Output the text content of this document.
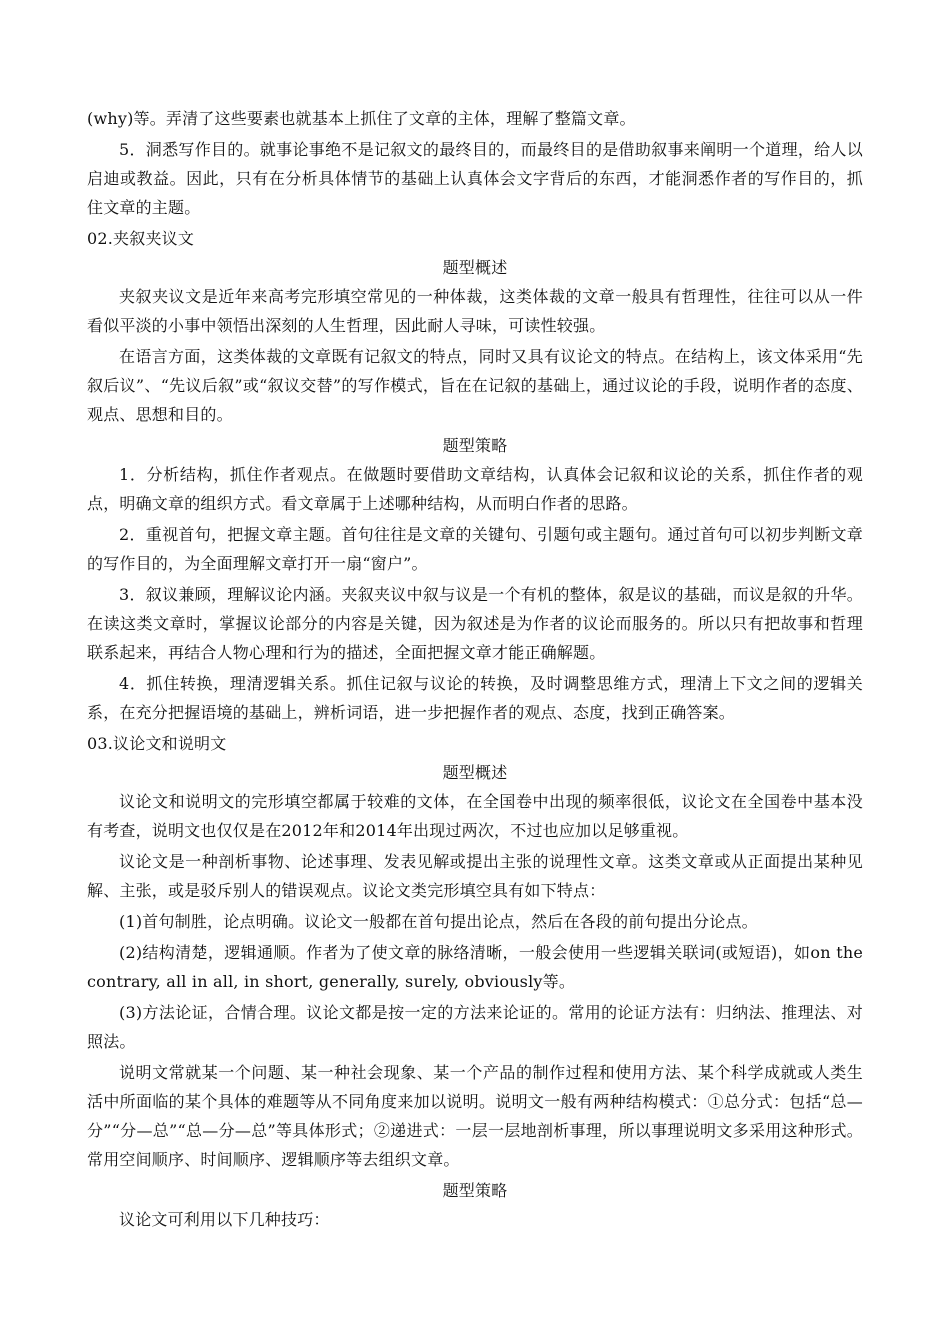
(why)等。弄清了这些要素也就基本上抓住了文章的主体，理解了整篇文章。

5．洞悉写作目的。就事论事绝不是记叙文的最终目的，而最终目的是借助叙事来阐明一个道理，给人以启迪或教益。因此，只有在分析具体情节的基础上认真体会文字背后的东西，才能洞悉作者的写作目的，抓住文章的主题。

02.夹叙夹议文

题型概述

夹叙夹议文是近年来高考完形填空常见的一种体裁，这类体裁的文章一般具有哲理性，往往可以从一件看似平淡的小事中领悟出深刻的人生哲理，因此耐人寻味，可读性较强。

在语言方面，这类体裁的文章既有记叙文的特点，同时又具有议论文的特点。在结构上，该文体采用“先叙后议”、“先议后叙”或“叙议交替”的写作模式，旨在在记叙的基础上，通过议论的手段，说明作者的态度、观点、思想和目的。

题型策略

1．分析结构，抓住作者观点。在做题时要借助文章结构，认真体会记叙和议论的关系，抓住作者的观点，明确文章的组织方式。看文章属于上述哪种结构，从而明白作者的思路。

2．重视首句，把握文章主题。首句往往是文章的关键句、引题句或主题句。通过首句可以初步判断文章的写作目的，为全面理解文章打开一扇“窗户”。

3．叙议兼顾，理解议论内涵。夹叙夹议中叙与议是一个有机的整体，叙是议的基础，而议是叙的升华。在读这类文章时，掌握议论部分的内容是关键，因为叙述是为作者的议论而服务的。所以只有把故事和哲理联系起来，再结合人物心理和行为的描述，全面把握文章才能正确解题。

4．抓住转换，理清逻辑关系。抓住记叙与议论的转换，及时调整思维方式，理清上下文之间的逻辑关系，在充分把握语境的基础上，辨析词语，进一步把握作者的观点、态度，找到正确答案。

03.议论文和说明文

题型概述

议论文和说明文的完形填空都属于较难的文体，在全国卷中出现的频率很低，议论文在全国卷中基本没有考查，说明文也仅仅是在2012年和2014年出现过两次，不过也应加以足够重视。

议论文是一种剖析事物、论述事理、发表见解或提出主张的说理性文章。这类文章或从正面提出某种见解、主张，或是驳斥别人的错误观点。议论文类完形填空具有如下特点：

(1)首句制胜，论点明确。议论文一般都在首句提出论点，然后在各段的前句提出分论点。

(2)结构清楚，逻辑通顺。作者为了使文章的脉络清晰，一般会使用一些逻辑关联词(或短语)，如on the contrary, all in all, in short, generally, surely, obviously等。

(3)方法论证，合情合理。议论文都是按一定的方法来论证的。常用的论证方法有：归纳法、推理法、对照法。

说明文常就某一个问题、某一种社会现象、某一个产品的制作过程和使用方法、某个科学成就或人类生活中所面临的某个具体的难题等从不同角度来加以说明。说明文一般有两种结构模式：①总分式：包括“总—分”“分—总”“总—分—总”等具体形式；②递进式：一层一层地剖析事理，所以事理说明文多采用这种形式。常用空间顺序、时间顺序、逻辑顺序等去组织文章。

题型策略

议论文可利用以下几种技巧：
